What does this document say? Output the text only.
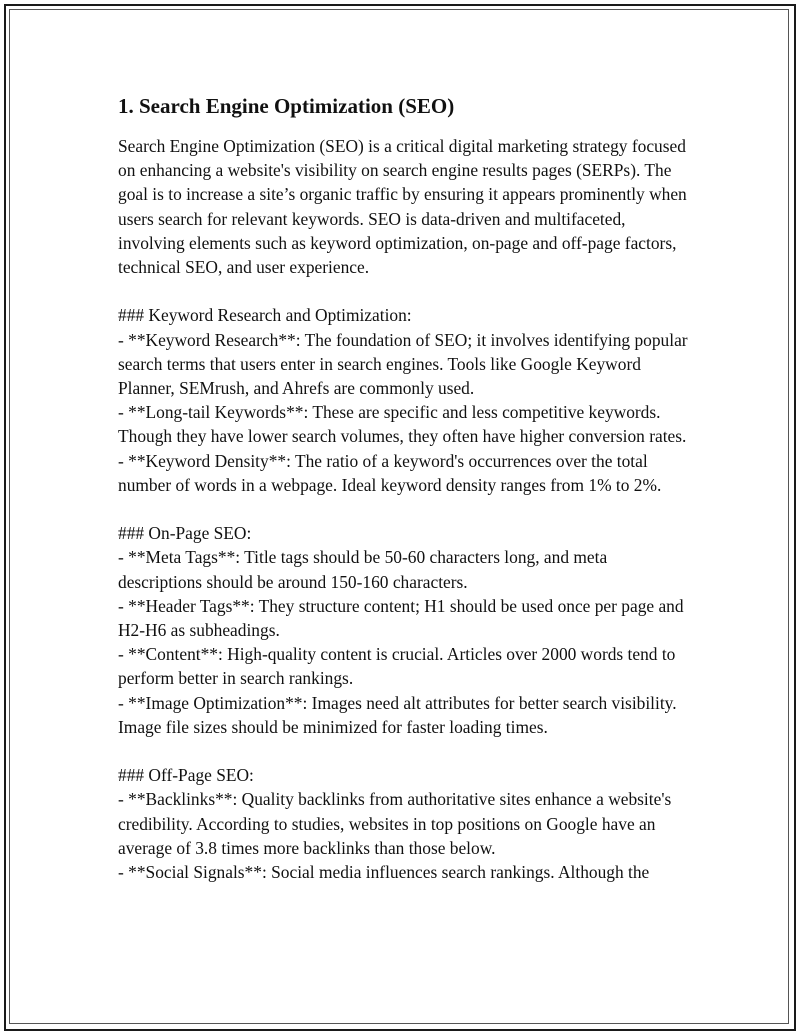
1. Search Engine Optimization (SEO)

Search Engine Optimization (SEO) is a critical digital marketing strategy focused on enhancing a website's visibility on search engine results pages (SERPs). The goal is to increase a site’s organic traffic by ensuring it appears prominently when users search for relevant keywords. SEO is data-driven and multifaceted, involving elements such as keyword optimization, on-page and off-page factors, technical SEO, and user experience.

### Keyword Research and Optimization:

- **Keyword Research**: The foundation of SEO; it involves identifying popular search terms that users enter in search engines. Tools like Google Keyword Planner, SEMrush, and Ahrefs are commonly used.

- **Long-tail Keywords**: These are specific and less competitive keywords. Though they have lower search volumes, they often have higher conversion rates.

- **Keyword Density**: The ratio of a keyword's occurrences over the total number of words in a webpage. Ideal keyword density ranges from 1% to 2%.

### On-Page SEO:

- **Meta Tags**: Title tags should be 50-60 characters long, and meta descriptions should be around 150-160 characters.

- **Header Tags**: They structure content; H1 should be used once per page and H2-H6 as subheadings.

- **Content**: High-quality content is crucial. Articles over 2000 words tend to perform better in search rankings.

- **Image Optimization**: Images need alt attributes for better search visibility. Image file sizes should be minimized for faster loading times.

### Off-Page SEO:

- **Backlinks**: Quality backlinks from authoritative sites enhance a website's credibility. According to studies, websites in top positions on Google have an average of 3.8 times more backlinks than those below.

- **Social Signals**: Social media influences search rankings. Although the
